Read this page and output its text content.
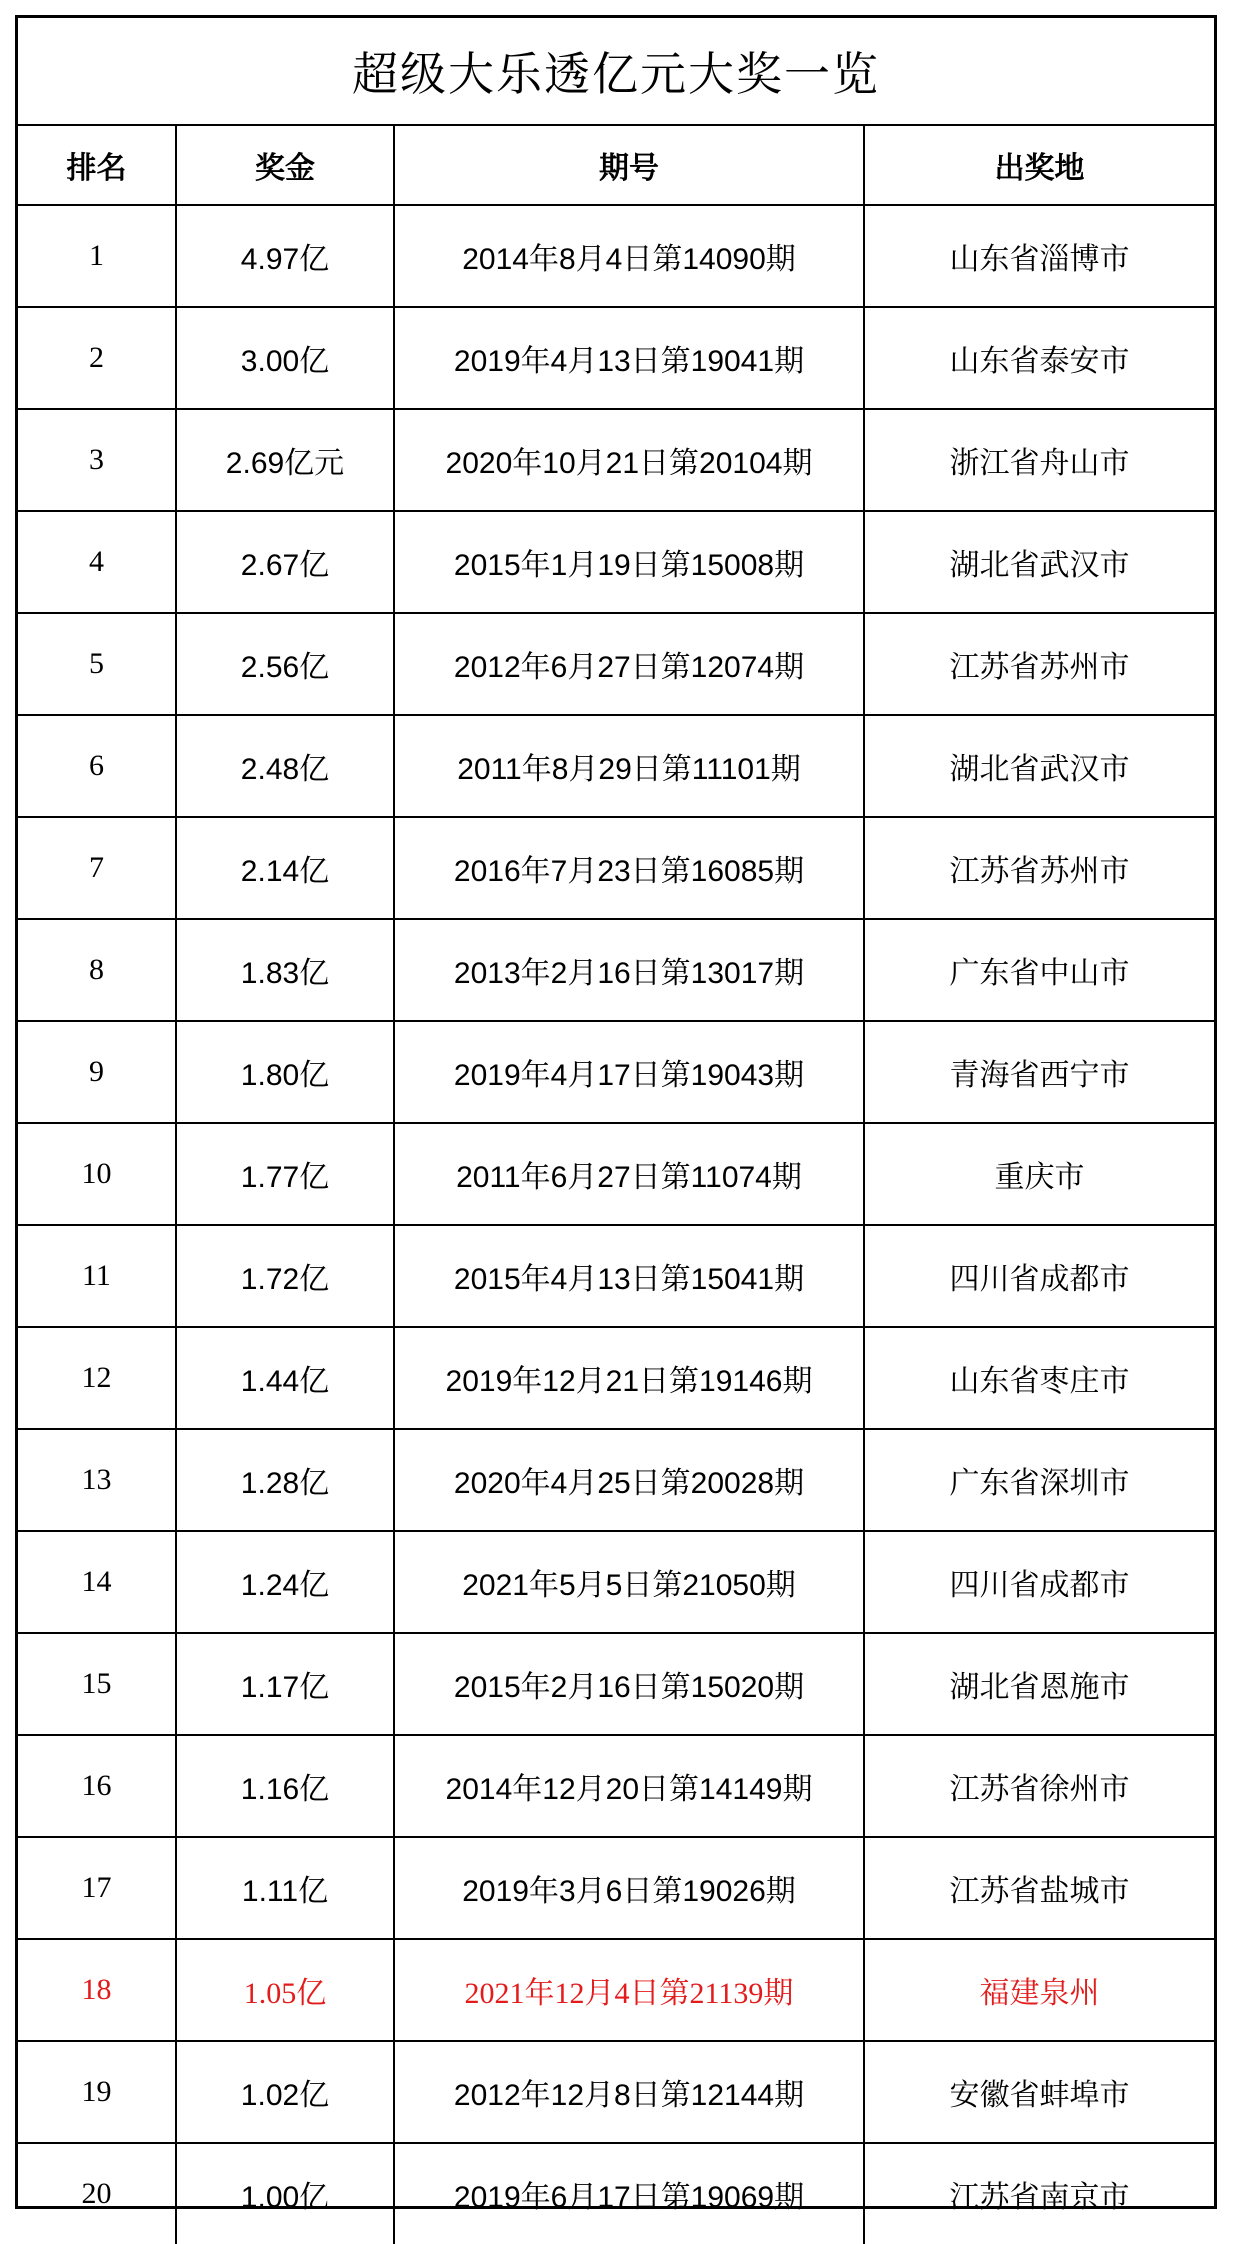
超级大乐透亿元大奖一览			
排名	奖金	期号	出奖地
1	4.97亿	2014年8月4日第14090期	山东省淄博市
2	3.00亿	2019年4月13日第19041期	山东省泰安市
3	2.69亿元	2020年10月21日第20104期	浙江省舟山市
4	2.67亿	2015年1月19日第15008期	湖北省武汉市
5	2.56亿	2012年6月27日第12074期	江苏省苏州市
6	2.48亿	2011年8月29日第11101期	湖北省武汉市
7	2.14亿	2016年7月23日第16085期	江苏省苏州市
8	1.83亿	2013年2月16日第13017期	广东省中山市
9	1.80亿	2019年4月17日第19043期	青海省西宁市
10	1.77亿	2011年6月27日第11074期	重庆市
11	1.72亿	2015年4月13日第15041期	四川省成都市
12	1.44亿	2019年12月21日第19146期	山东省枣庄市
13	1.28亿	2020年4月25日第20028期	广东省深圳市
14	1.24亿	2021年5月5日第21050期	四川省成都市
15	1.17亿	2015年2月16日第15020期	湖北省恩施市
16	1.16亿	2014年12月20日第14149期	江苏省徐州市
17	1.11亿	2019年3月6日第19026期	江苏省盐城市
18	1.05亿	2021年12月4日第21139期	福建泉州
19	1.02亿	2012年12月8日第12144期	安徽省蚌埠市
20	1.00亿	2019年6月17日第19069期	江苏省南京市
